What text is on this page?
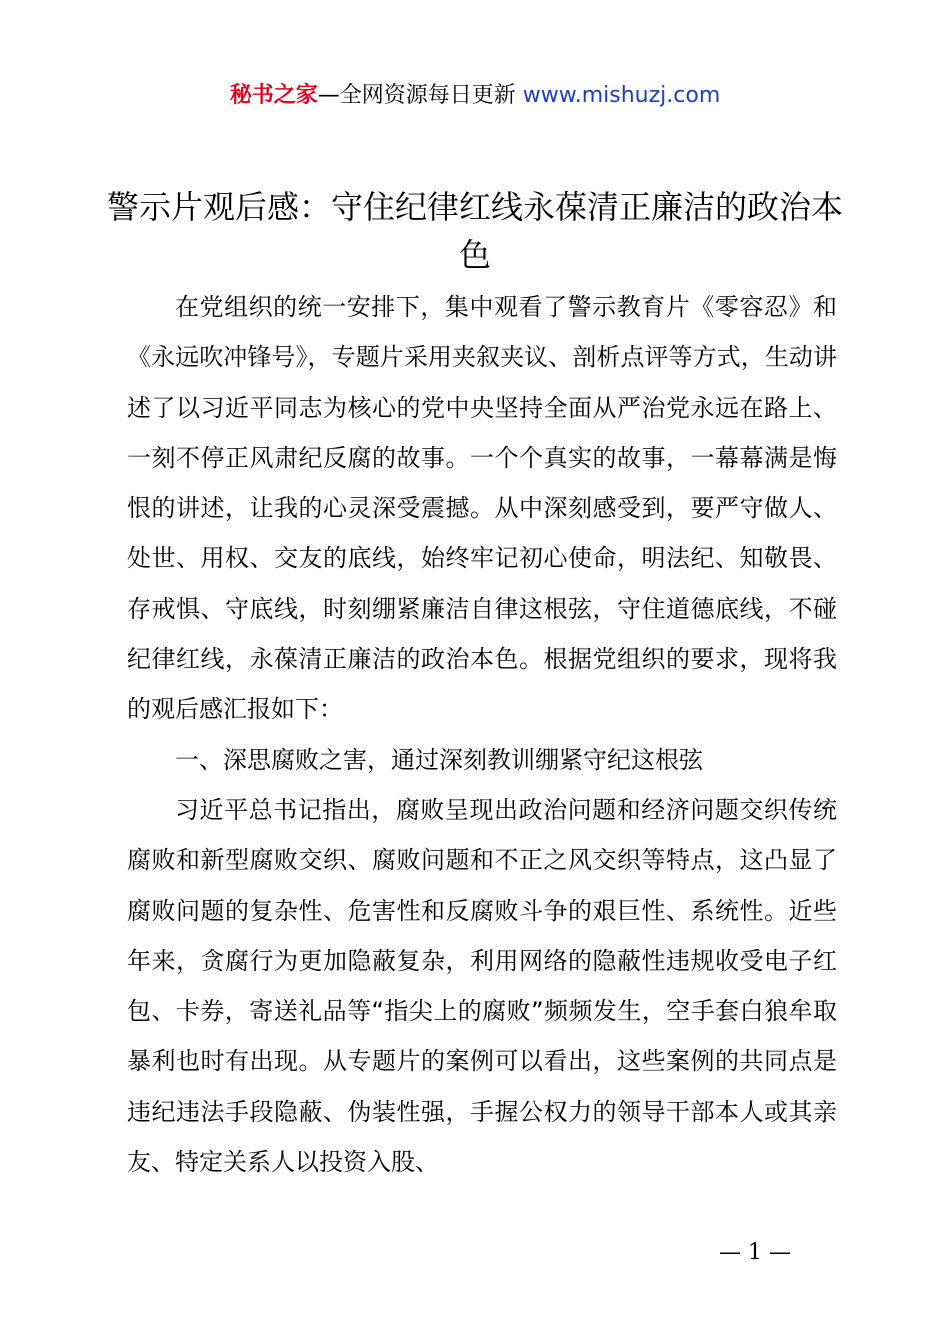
秘书之家—全网资源每日更新 www.mishuzj.com
警示片观后感：守住纪律红线永葆清正廉洁的政治本色

在党组织的统一安排下，集中观看了警示教育片《零容忍》和《永远吹冲锋号》，专题片采用夹叙夹议、剖析点评等方式，生动讲述了以习近平同志为核心的党中央坚持全面从严治党永远在路上、一刻不停正风肃纪反腐的故事。一个个真实的故事，一幕幕满是悔恨的讲述，让我的心灵深受震撼。从中深刻感受到，要严守做人、处世、用权、交友的底线，始终牢记初心使命，明法纪、知敬畏、存戒惧、守底线，时刻绷紧廉洁自律这根弦，守住道德底线，不碰纪律红线，永葆清正廉洁的政治本色。根据党组织的要求，现将我的观后感汇报如下：

一、深思腐败之害，通过深刻教训绷紧守纪这根弦

习近平总书记指出，腐败呈现出政治问题和经济问题交织传统腐败和新型腐败交织、腐败问题和不正之风交织等特点，这凸显了腐败问题的复杂性、危害性和反腐败斗争的艰巨性、系统性。近些年来，贪腐行为更加隐蔽复杂，利用网络的隐蔽性违规收受电子红包、卡券，寄送礼品等“指尖上的腐败”频频发生，空手套白狼牟取暴利也时有出现。从专题片的案例可以看出，这些案例的共同点是违纪违法手段隐蔽、伪装性强，手握公权力的领导干部本人或其亲友、特定关系人以投资入股、

— 1 —
